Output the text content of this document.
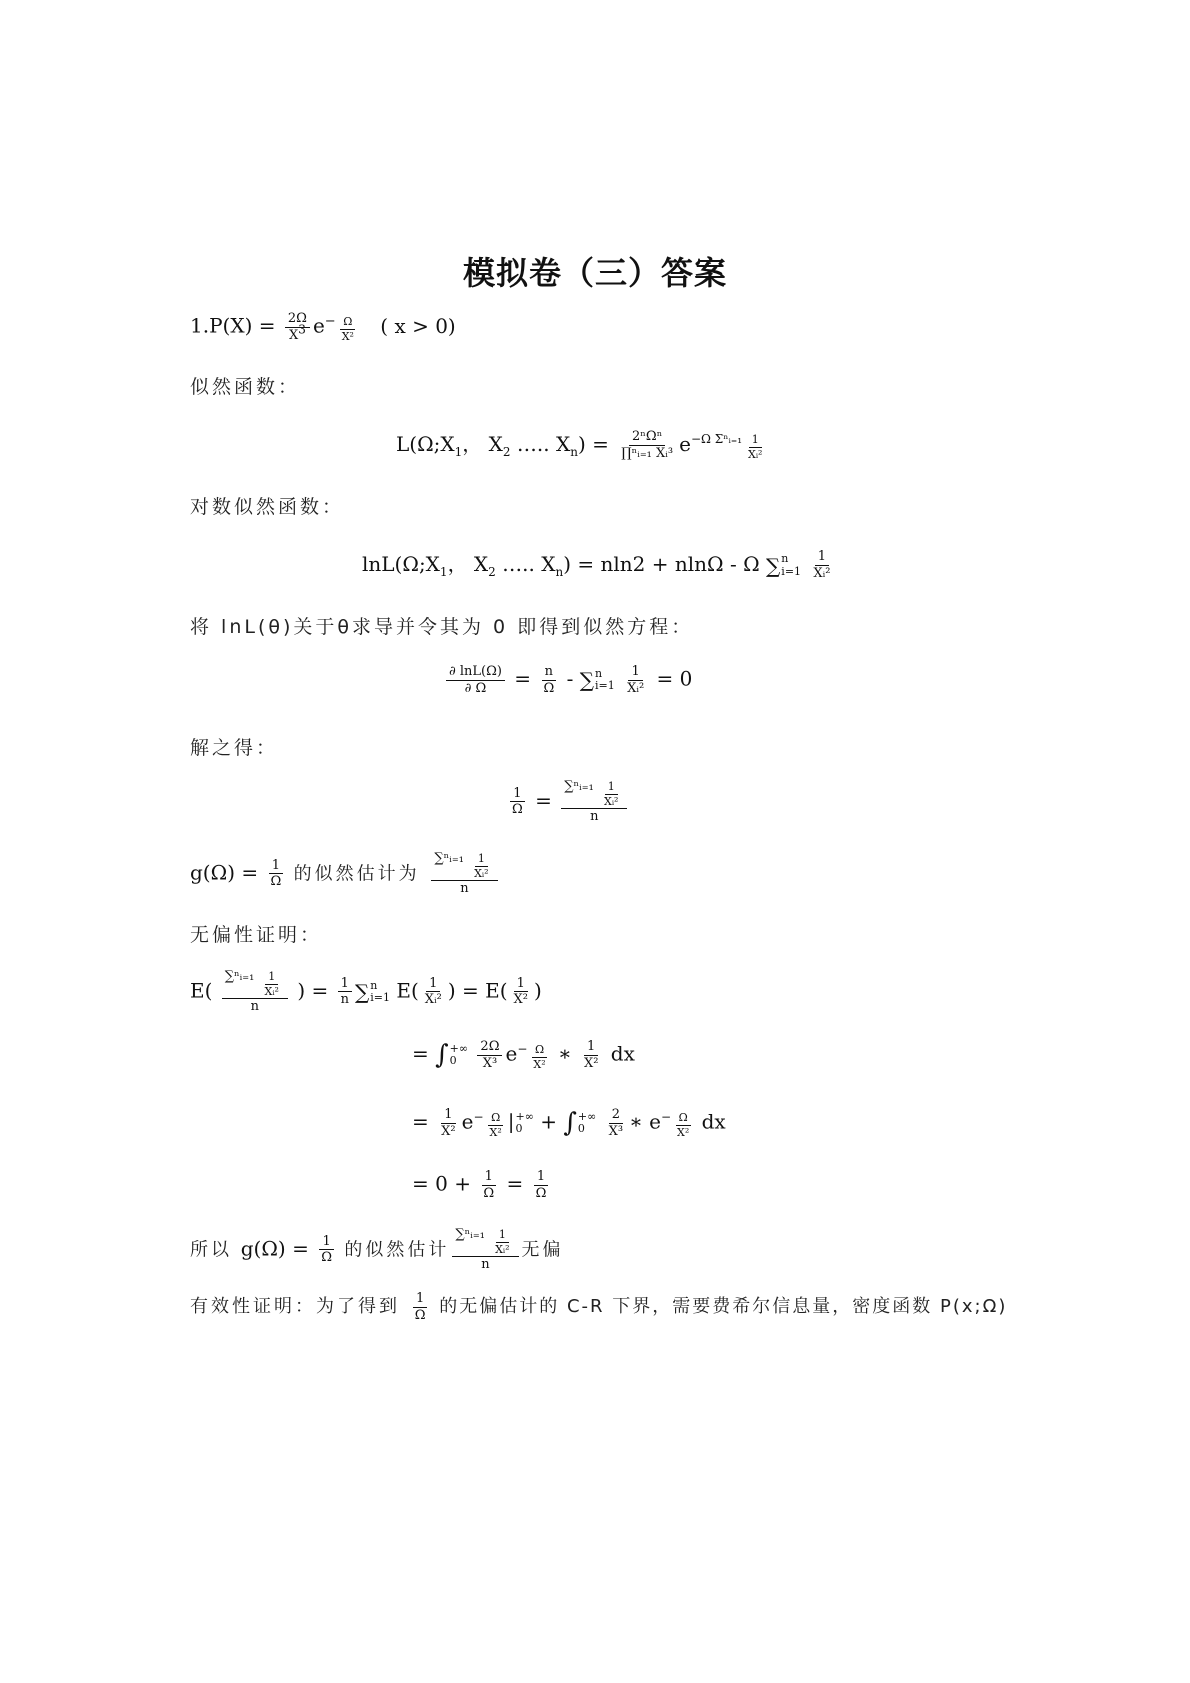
模拟卷（三）答案
$1.P(X) = \frac{2\Omega}{X^3} e^{- \frac{\Omega}{\text{X²}}}$ ( x > 0)
似然函数：
$L(\Omega;X_1$， $X_2$ ….. $X_n) = \frac{\text{2ⁿΩⁿ}}{\text{∏ⁿᵢ₌₁ Xᵢ³}} e^{-\Omega \Sigma^nᵢ_{=1} \frac{1}{\text{Xᵢ²}}}$
对数似然函数：
$\ln L(\Omega;X_1$， $X_2$ ….. $X_n) = nln2 + nln\Omega - \Omega$ ∑ n
i=1
$\frac{1}{\text{Xᵢ²}}$
将 lnL(θ)关于θ求导并令其为 0 即得到似然方程：
$\frac{\partial \ln L(\Omega)}{\partial \Omega} = \frac{n}{\Omega}$ - ∑ n
i=1
$\frac{1}{\text{Xᵢ²}} = 0$
解之得：
$\frac{1}{\Omega} = \frac{\sum^nᵢ_{=1} \frac{1}{\text{Xᵢ²}}}{n}$
$g(\Omega) = \frac{1}{\Omega}$ 的似然估计为 $\frac{\sum^nᵢ_{=1} \frac{1}{\text{Xᵢ²}}}{n}$
无偏性证明：
$E( \frac{\sum^nᵢ_{=1} \frac{1}{\text{Xᵢ²}}}{n}$ ) = $\frac{1}{n}$ ∑ n
i=1 $E( \frac{1}{\text{Xᵢ²}}$ ) = $E( \frac{1}{\text{X²}}$ )
= ∫ +∞
0
	$\frac{2\Omega}{\text{X³}} e^{- \frac{\Omega}{\text{X²}}}$ ∗ $\frac{1}{\text{X²}}$ dx
= $\frac{1}{\text{X²}} e^{- \frac{\Omega}{\text{X²}}}$ | +∞
0 + ∫ +∞
0
	$\frac{2}{\text{X³}}$ ∗ $e^{- \frac{\Omega}{\text{X²}}}$ dx
= $0 + \frac{1}{\Omega} = \frac{1}{\Omega}$
所以 $g(\Omega) = \frac{1}{\Omega}$ 的似然估计 $\frac{\sum^nᵢ_{=1} \frac{1}{\text{Xᵢ²}}}{n}$ 无偏
有效性证明：为了得到 $\frac{1}{\Omega}$ 的无偏估计的 C-R 下界，需要费希尔信息量，密度函数 P(x;Ω)
